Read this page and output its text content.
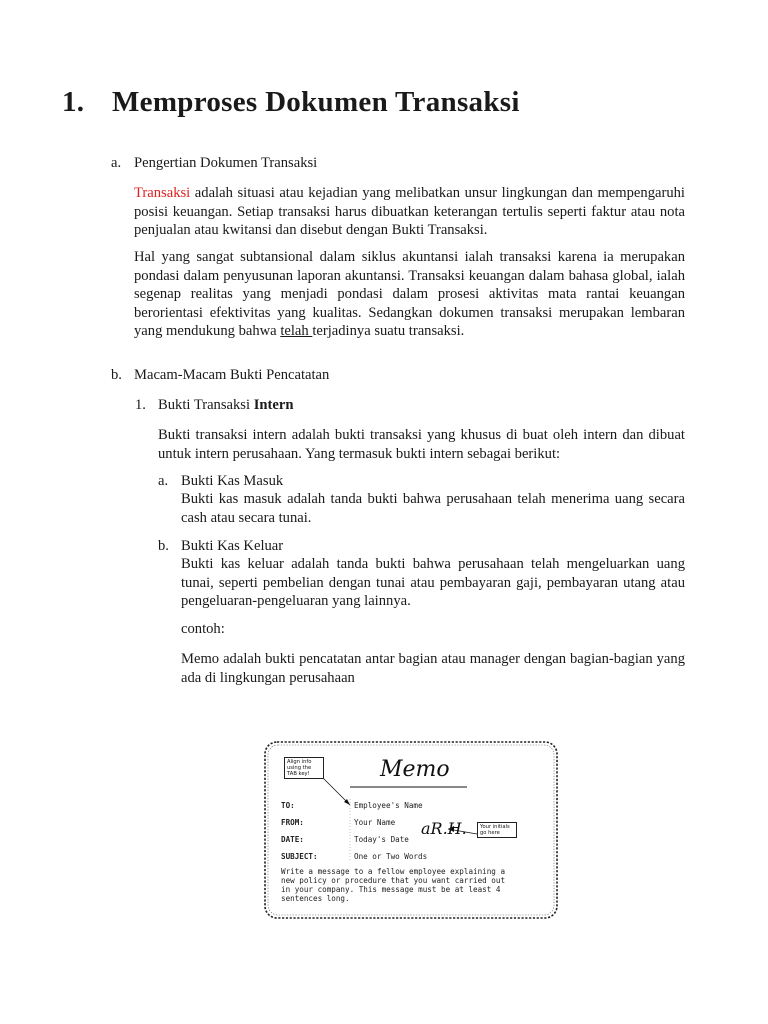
1. Memproses Dokumen Transaksi
a. Pengertian Dokumen Transaksi
Transaksi adalah situasi atau kejadian yang melibatkan unsur lingkungan dan mempengaruhi posisi keuangan. Setiap transaksi harus dibuatkan keterangan tertulis seperti faktur atau nota penjualan atau kwitansi dan disebut dengan Bukti Transaksi.
Hal yang sangat subtansional dalam siklus akuntansi ialah transaksi karena ia merupakan pondasi dalam penyusunan laporan akuntansi. Transaksi keuangan dalam bahasa global, ialah segenap realitas yang menjadi pondasi dalam prosesi aktivitas mata rantai keuangan berorientasi efektivitas yang kualitas. Sedangkan dokumen transaksi merupakan lembaran yang mendukung bahwa telah terjadinya suatu transaksi.
b. Macam-Macam Bukti Pencatatan
1. Bukti Transaksi Intern
Bukti transaksi intern adalah bukti transaksi yang khusus di buat oleh intern dan dibuat untuk intern perusahaan. Yang termasuk bukti intern sebagai berikut:
a. Bukti Kas Masuk
Bukti kas masuk adalah tanda bukti bahwa perusahaan telah menerima uang secara cash atau secara tunai.
b. Bukti Kas Keluar
Bukti kas keluar adalah tanda bukti bahwa perusahaan telah mengeluarkan uang tunai, seperti pembelian dengan tunai atau pembayaran gaji, pembayaran utang atau pengeluaran-pengeluaran yang lainnya.
contoh:
Memo adalah bukti pencatatan antar bagian atau manager dengan bagian-bagian yang ada di lingkungan perusahaan
Memo
Align info using the TAB key!
Your initials go here
aR.H.
TO:	Employee's Name
FROM:	Your Name
DATE:	Today's Date
SUBJECT:	One or Two Words
Write a message to a fellow employee explaining a
new policy or procedure that you want carried out
in your company. This message must be at least 4
sentences long.
